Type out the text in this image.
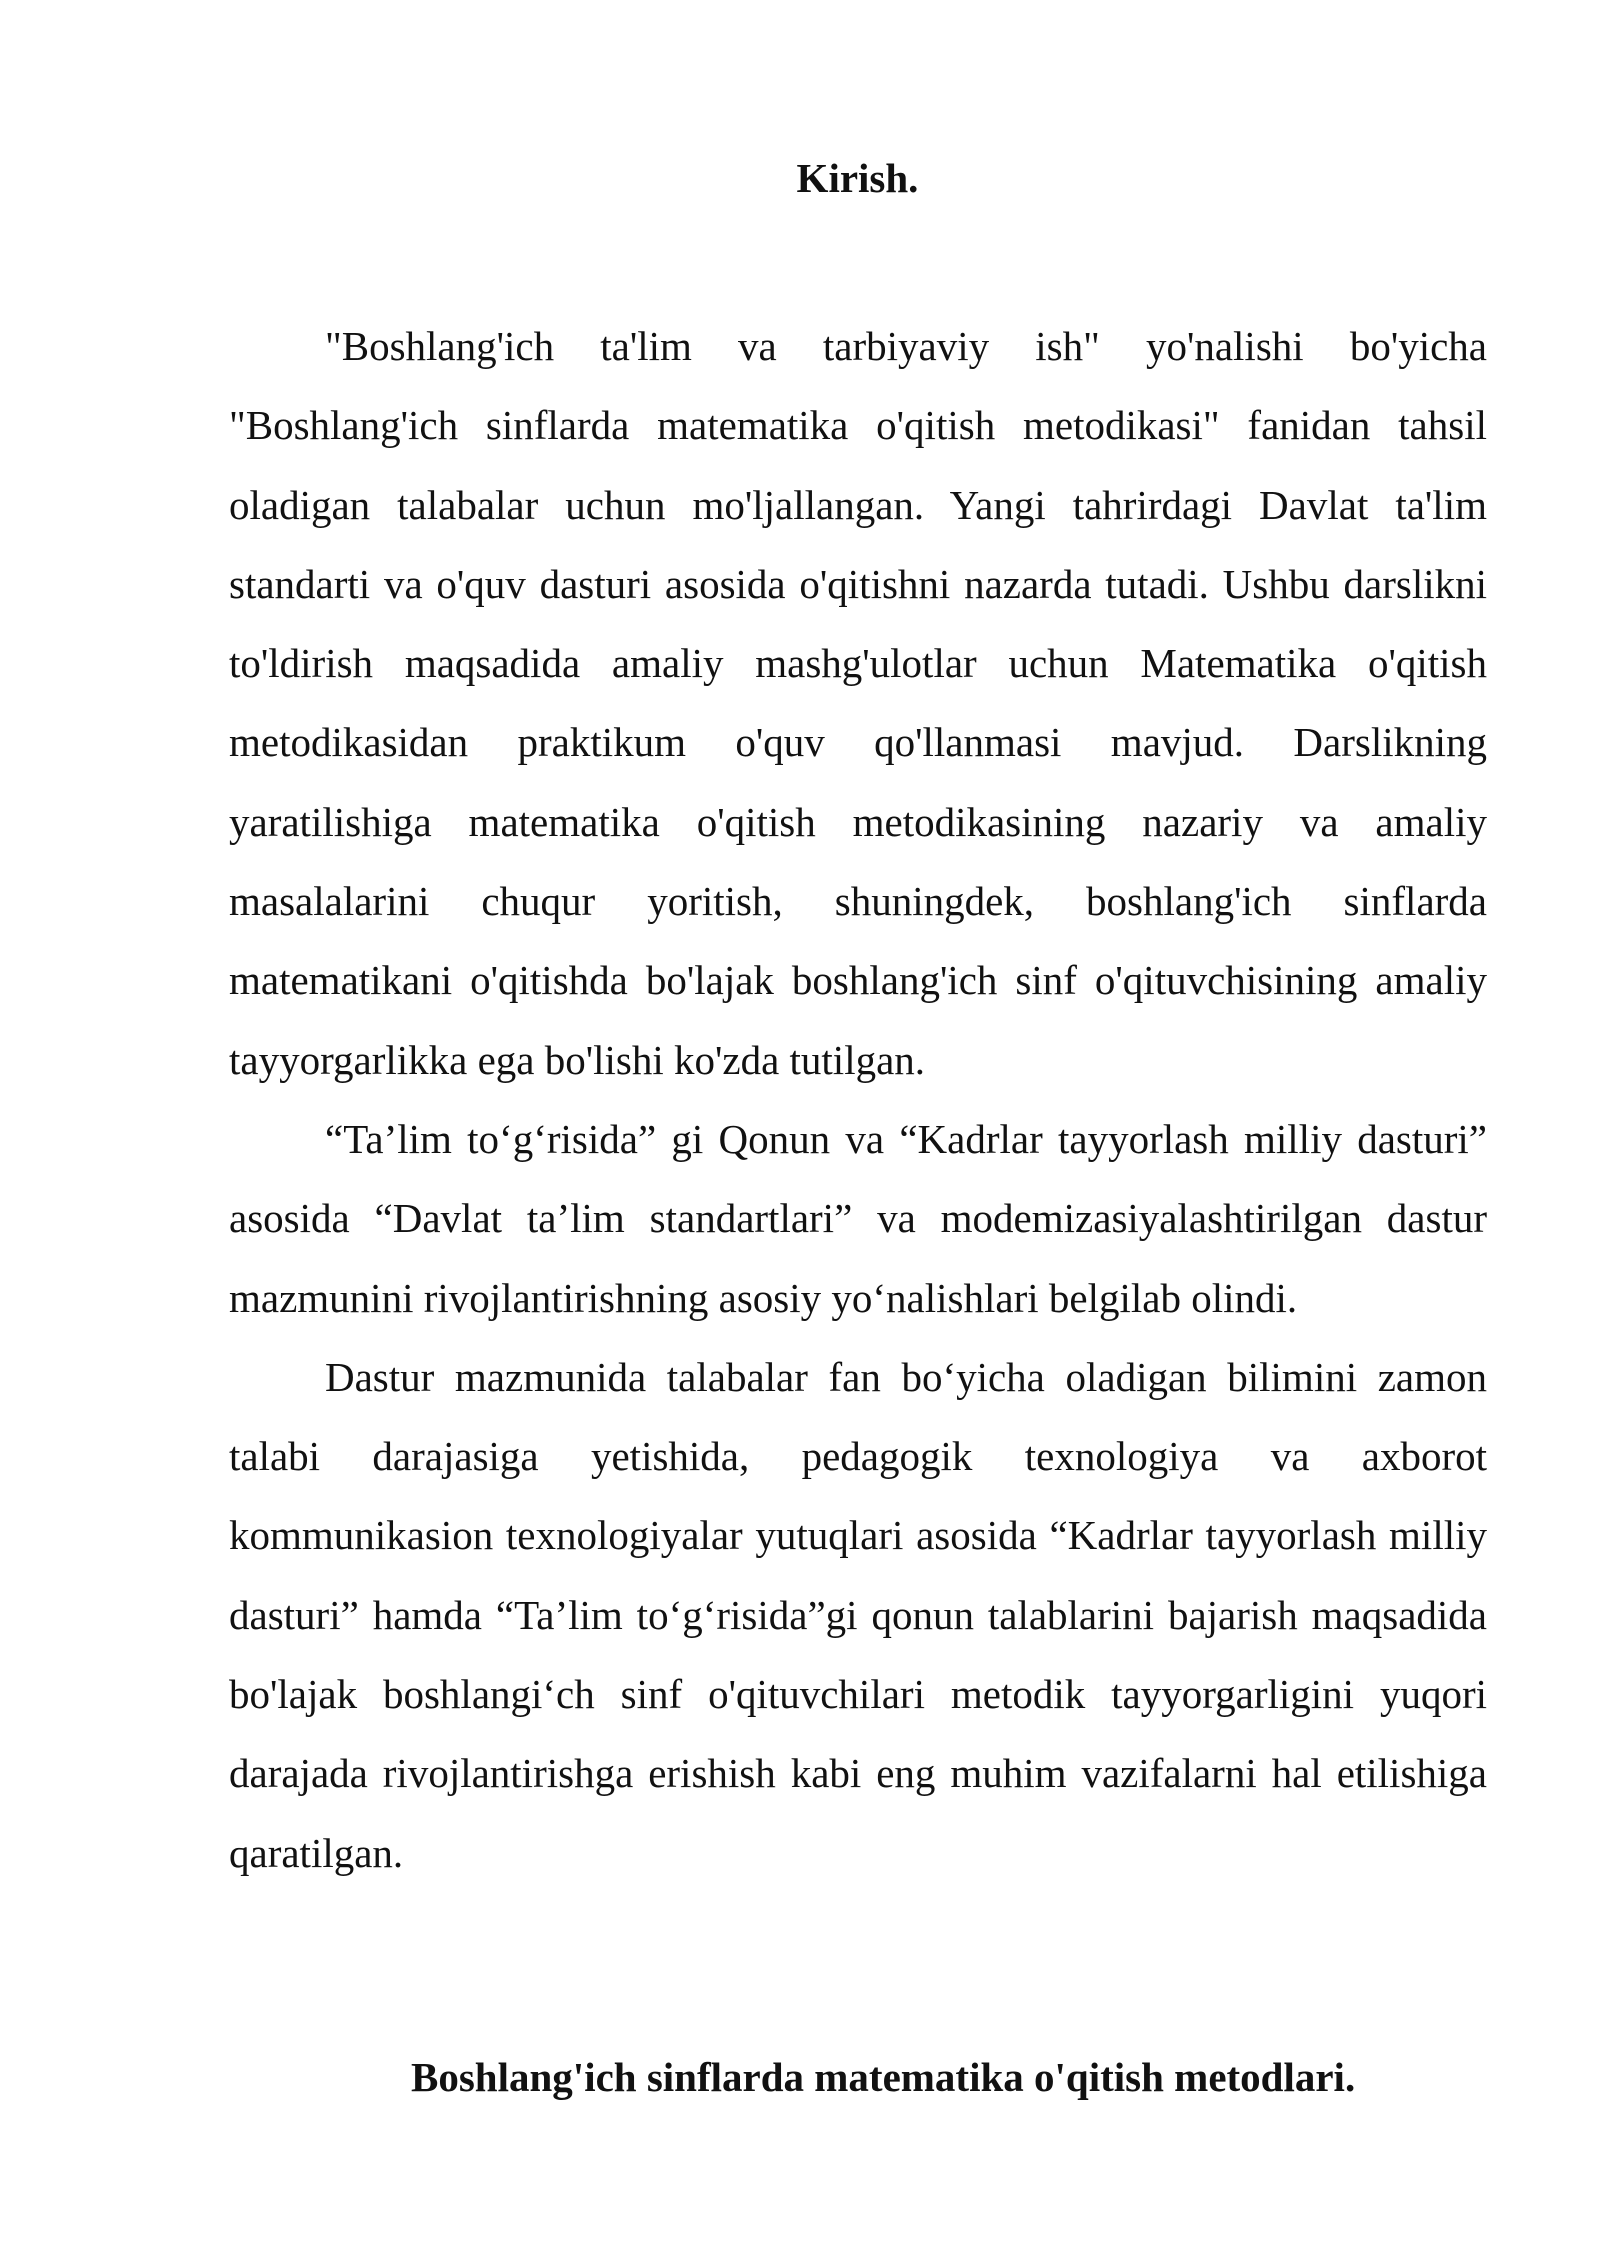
Kirish.

"Boshlang'ich ta'lim va tarbiyaviy ish" yo'nalishi bo'yicha "Boshlang'ich sinflarda matematika o'qitish metodikasi" fanidan tahsil oladigan talabalar uchun mo'ljallangan. Yangi tahrirdagi Davlat ta'lim standarti va o'quv dasturi asosida o'qitishni nazarda tutadi. Ushbu darslikni to'ldirish maqsadida amaliy mashg'ulotlar uchun Matematika o'qitish metodikasidan praktikum o'quv qo'llanmasi mavjud. Darslikning yaratilishiga matematika o'qitish metodikasining nazariy va amaliy masalalarini chuqur yoritish, shuningdek, boshlang'ich sinflarda matematikani o'qitishda bo'lajak boshlang'ich sinf o'qituvchisining amaliy tayyorgarlikka ega bo'lishi ko'zda tutilgan.

“Ta’lim to‘g‘risida” gi Qonun va “Kadrlar tayyorlash milliy dasturi” asosida “Davlat ta’lim standartlari” va modemizasiyalashtirilgan dastur mazmunini rivojlantirishning asosiy yo‘nalishlari belgilab olindi.

Dastur mazmunida talabalar fan bo‘yicha oladigan bilimini zamon talabi darajasiga yetishida, pedagogik texnologiya va axborot kommunikasion texnologiyalar yutuqlari asosida “Kadrlar tayyorlash milliy dasturi” hamda “Ta’lim to‘g‘risida”gi qonun talablarini bajarish maqsadida bo'lajak boshlangi‘ch sinf o'qituvchilari metodik tayyorgarligini yuqori darajada rivojlantirishga erishish kabi eng muhim vazifalarni hal etilishiga qaratilgan.

Boshlang'ich sinflarda matematika o'qitish metodlari.
